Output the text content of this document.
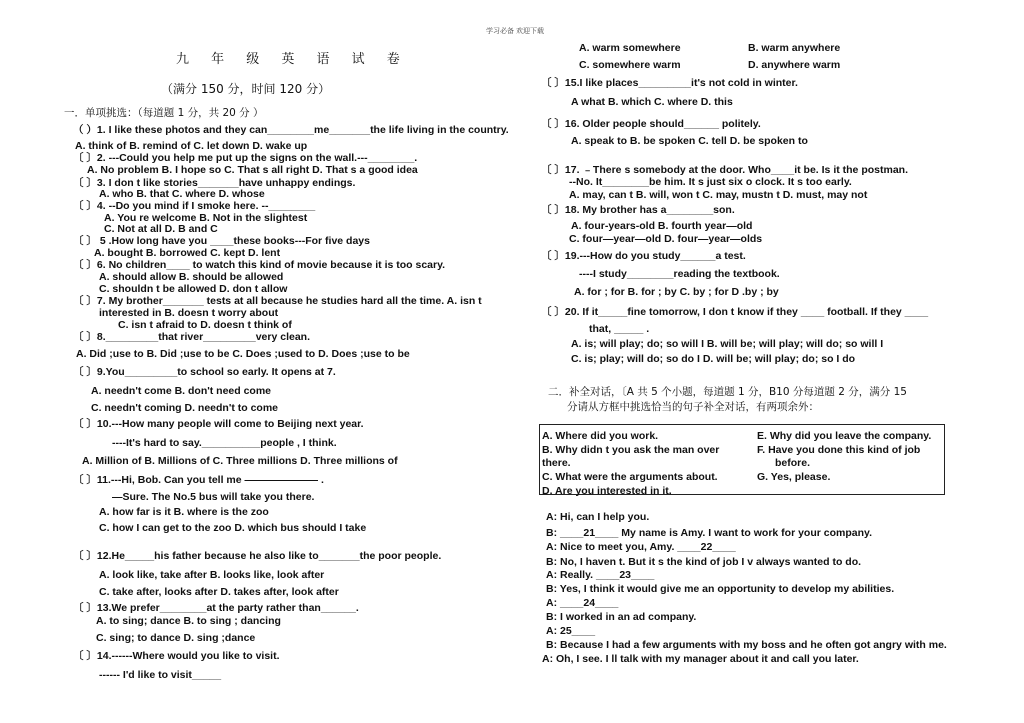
学习必备 欢迎下载
九 年 级 英 语 试 卷
（满分 150 分，时间 120 分）
一．单项挑选：（每道题 1 分，共 20 分 ）
（ ）1. I like these photos and they can________me_______the life living in the country.
A. think of B. remind of C. let down D. wake up
〔 〕2. ---Could you help me put up the signs on the wall.---________.
A. No problem B. I hope so C. That s all right D. That s a good idea
〔 〕3. I don t like stories_______have unhappy endings.
A. who B. that C. where D. whose
〔 〕4. --Do you mind if I smoke here. --________
A. You re welcome B. Not in the slightest
C. Not at all D. B and C
〔 〕 5 .How long have you ____these books---For five days
A. bought B. borrowed C. kept D. lent
〔 〕6. No children____ to watch this kind of movie because it is too scary.
A. should allow B. should be allowed
C. shouldn t be allowed D. don t allow
〔 〕7. My brother_______ tests at all because he studies hard all the time. A. isn t
interested in B. doesn t worry about
C. isn t afraid to D. doesn t think of
〔 〕8._________that river_________very clean.
A. Did ;use to B. Did ;use to be C. Does ;used to D. Does ;use to be
〔 〕9.You_________to school so early. It opens at 7.
A. needn't come B. don't need come
C. needn't coming D. needn't to come
〔 〕10.---How many people will come to Beijing next year.
----It's hard to say.__________people , I think.
A. Million of B. Millions of C. Three millions D. Three millions of
〔 〕11.---Hi, Bob. Can you tell me ——————— .
—Sure. The No.5 bus will take you there.
A. how far is it B. where is the zoo
C. how I can get to the zoo D. which bus should I take
〔 〕12.He_____his father because he also like to_______the poor people.
A. look like, take after B. looks like, look after
C. take after, looks after D. takes after, look after
〔 〕13.We prefer________at the party rather than______.
A. to sing; dance B. to sing ; dancing
C. sing; to dance D. sing ;dance
〔 〕14.------Where would you like to visit.
------ I'd like to visit_____
A. warm somewhere	B. warm anywhere
C. somewhere warm	D. anywhere warm
〔 〕15.I like places_________it's not cold in winter.
A what B. which C. where D. this
〔 〕16. Older people should______ politely.
A. speak to B. be spoken C. tell D. be spoken to
〔 〕17. ﹣There s somebody at the door. Who____it be. Is it the postman.
--No. It________be him. It s just six o clock. It s too early.
A. may, can t B. will, won t C. may, mustn t D. must, may not
〔 〕18. My brother has a________son.
A. four-years-old B. fourth year—old
C. four—year—old D. four—year—olds
〔 〕19.---How do you study______a test.
----I study________reading the textbook.
A. for ; for B. for ; by C. by ; for D .by ; by
〔 〕20. If it_____fine tomorrow, I don t know if they ____ football. If they ____
that, _____ .
A. is; will play; do; so will I B. will be; will play; will do; so will I
C. is; play; will do; so do I D. will be; will play; do; so I do
二．补全对话，〔A 共 5 个小题，每道题 1 分，B10 分每道题 2 分，满分 15
分请从方框中挑选恰当的句子补全对话，有两项余外：
A. Where did you work.
B. Why didn t you ask the man over
there.
C. What were the arguments about.
D. Are you interested in it.
E. Why did you leave the company.
F. Have you done this kind of job
before.
G. Yes, please.
A: Hi, can I help you.
B: ____21____ My name is Amy. I want to work for your company.
A: Nice to meet you, Amy. ____22____
B: No, I haven t. But it s the kind of job I v always wanted to do.
A: Really. ____23____
B: Yes, I think it would give me an opportunity to develop my abilities.
A: ____24____
B: I worked in an ad company.
A: 25____
B: Because I had a few arguments with my boss and he often got angry with me.
A: Oh, I see. I ll talk with my manager about it and call you later.
